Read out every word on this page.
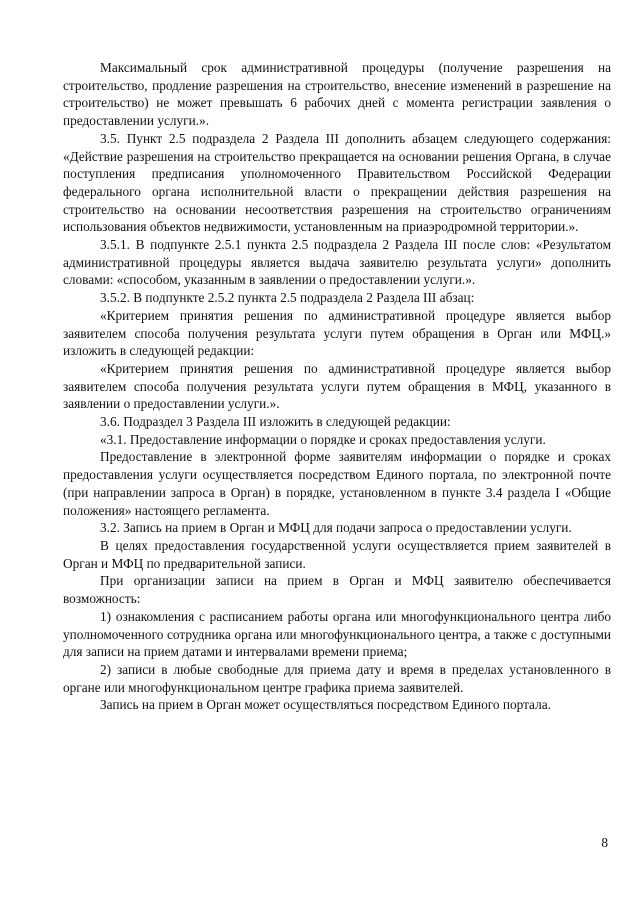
Максимальный срок административной процедуры (получение разрешения на строительство, продление разрешения на строительство, внесение изменений в разрешение на строительство) не может превышать 6 рабочих дней с момента регистрации заявления о предоставлении услуги.».

3.5. Пункт 2.5 подраздела 2 Раздела III дополнить абзацем следующего содержания: «Действие разрешения на строительство прекращается на основании решения Органа, в случае поступления предписания уполномоченного Правительством Российской Федерации федерального органа исполнительной власти о прекращении действия разрешения на строительство на основании несоответствия разрешения на строительство ограничениям использования объектов недвижимости, установленным на приаэродромной территории.».

3.5.1. В подпункте 2.5.1 пункта 2.5 подраздела 2 Раздела III после слов: «Результатом административной процедуры является выдача заявителю результата услуги» дополнить словами: «способом, указанным в заявлении о предоставлении услуги.».

3.5.2. В подпункте 2.5.2 пункта 2.5 подраздела 2 Раздела III абзац:

«Критерием принятия решения по административной процедуре является выбор заявителем способа получения результата услуги путем обращения в Орган или МФЦ.» изложить в следующей редакции:

«Критерием принятия решения по административной процедуре является выбор заявителем способа получения результата услуги путем обращения в МФЦ, указанного в заявлении о предоставлении услуги.».

3.6. Подраздел 3 Раздела III изложить в следующей редакции:

«3.1. Предоставление информации о порядке и сроках предоставления услуги.

Предоставление в электронной форме заявителям информации о порядке и сроках предоставления услуги осуществляется посредством Единого портала, по электронной почте (при направлении запроса в Орган) в порядке, установленном в пункте 3.4 раздела I «Общие положения» настоящего регламента.

3.2. Запись на прием в Орган и МФЦ для подачи запроса о предоставлении услуги.

В целях предоставления государственной услуги осуществляется прием заявителей в Орган и МФЦ по предварительной записи.

При организации записи на прием в Орган и МФЦ заявителю обеспечивается возможность:

1) ознакомления с расписанием работы органа или многофункционального центра либо уполномоченного сотрудника органа или многофункционального центра, а также с доступными для записи на прием датами и интервалами времени приема;

2) записи в любые свободные для приема дату и время в пределах установленного в органе или многофункциональном центре графика приема заявителей.

Запись на прием в Орган может осуществляться посредством Единого портала.

8
